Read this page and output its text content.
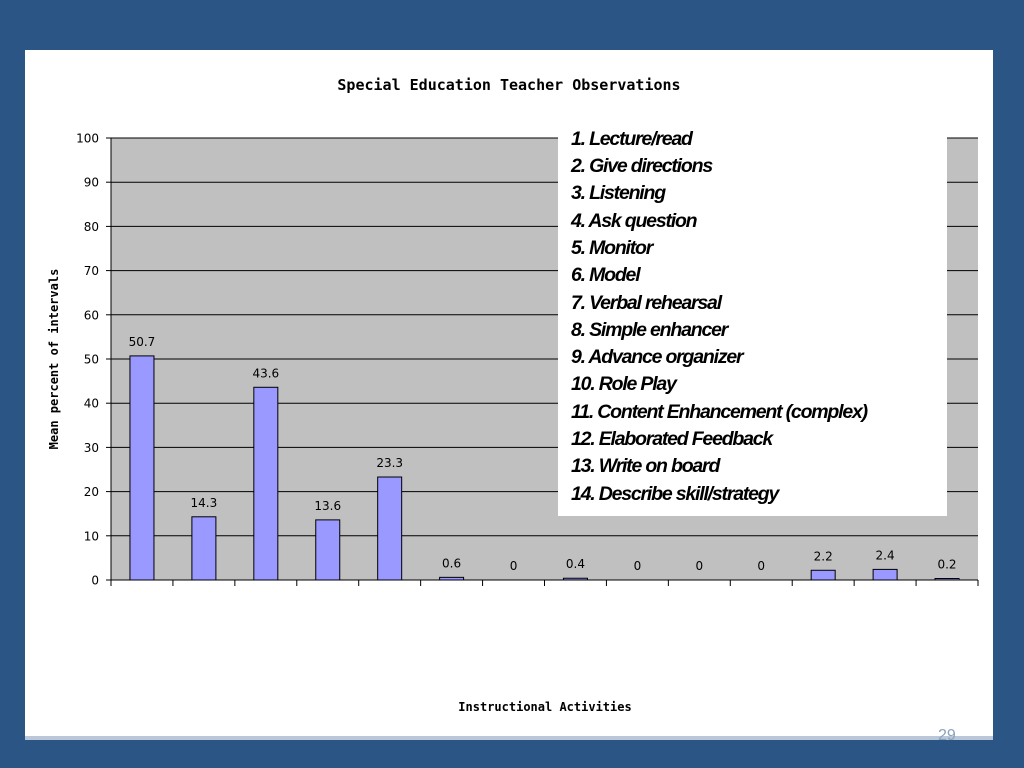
29
0
10
20
30
40
50
60
70
80
90
100
50.7
14.3
43.6
13.6
23.3
0.6	0	0.4	0	0	0
2.2	2.4
0.2
Special Education Teacher Observations
Instructional Activities
Mean percent of intervals
1. Lecture/read
2. Give directions
3. Listening
4. Ask question
5. Monitor
6. Model
7. Verbal rehearsal
8. Simple enhancer
9. Advance organizer
10. Role Play
11. Content Enhancement (complex)
12. Elaborated Feedback
13. Write on board
14. Describe skill/strategy
